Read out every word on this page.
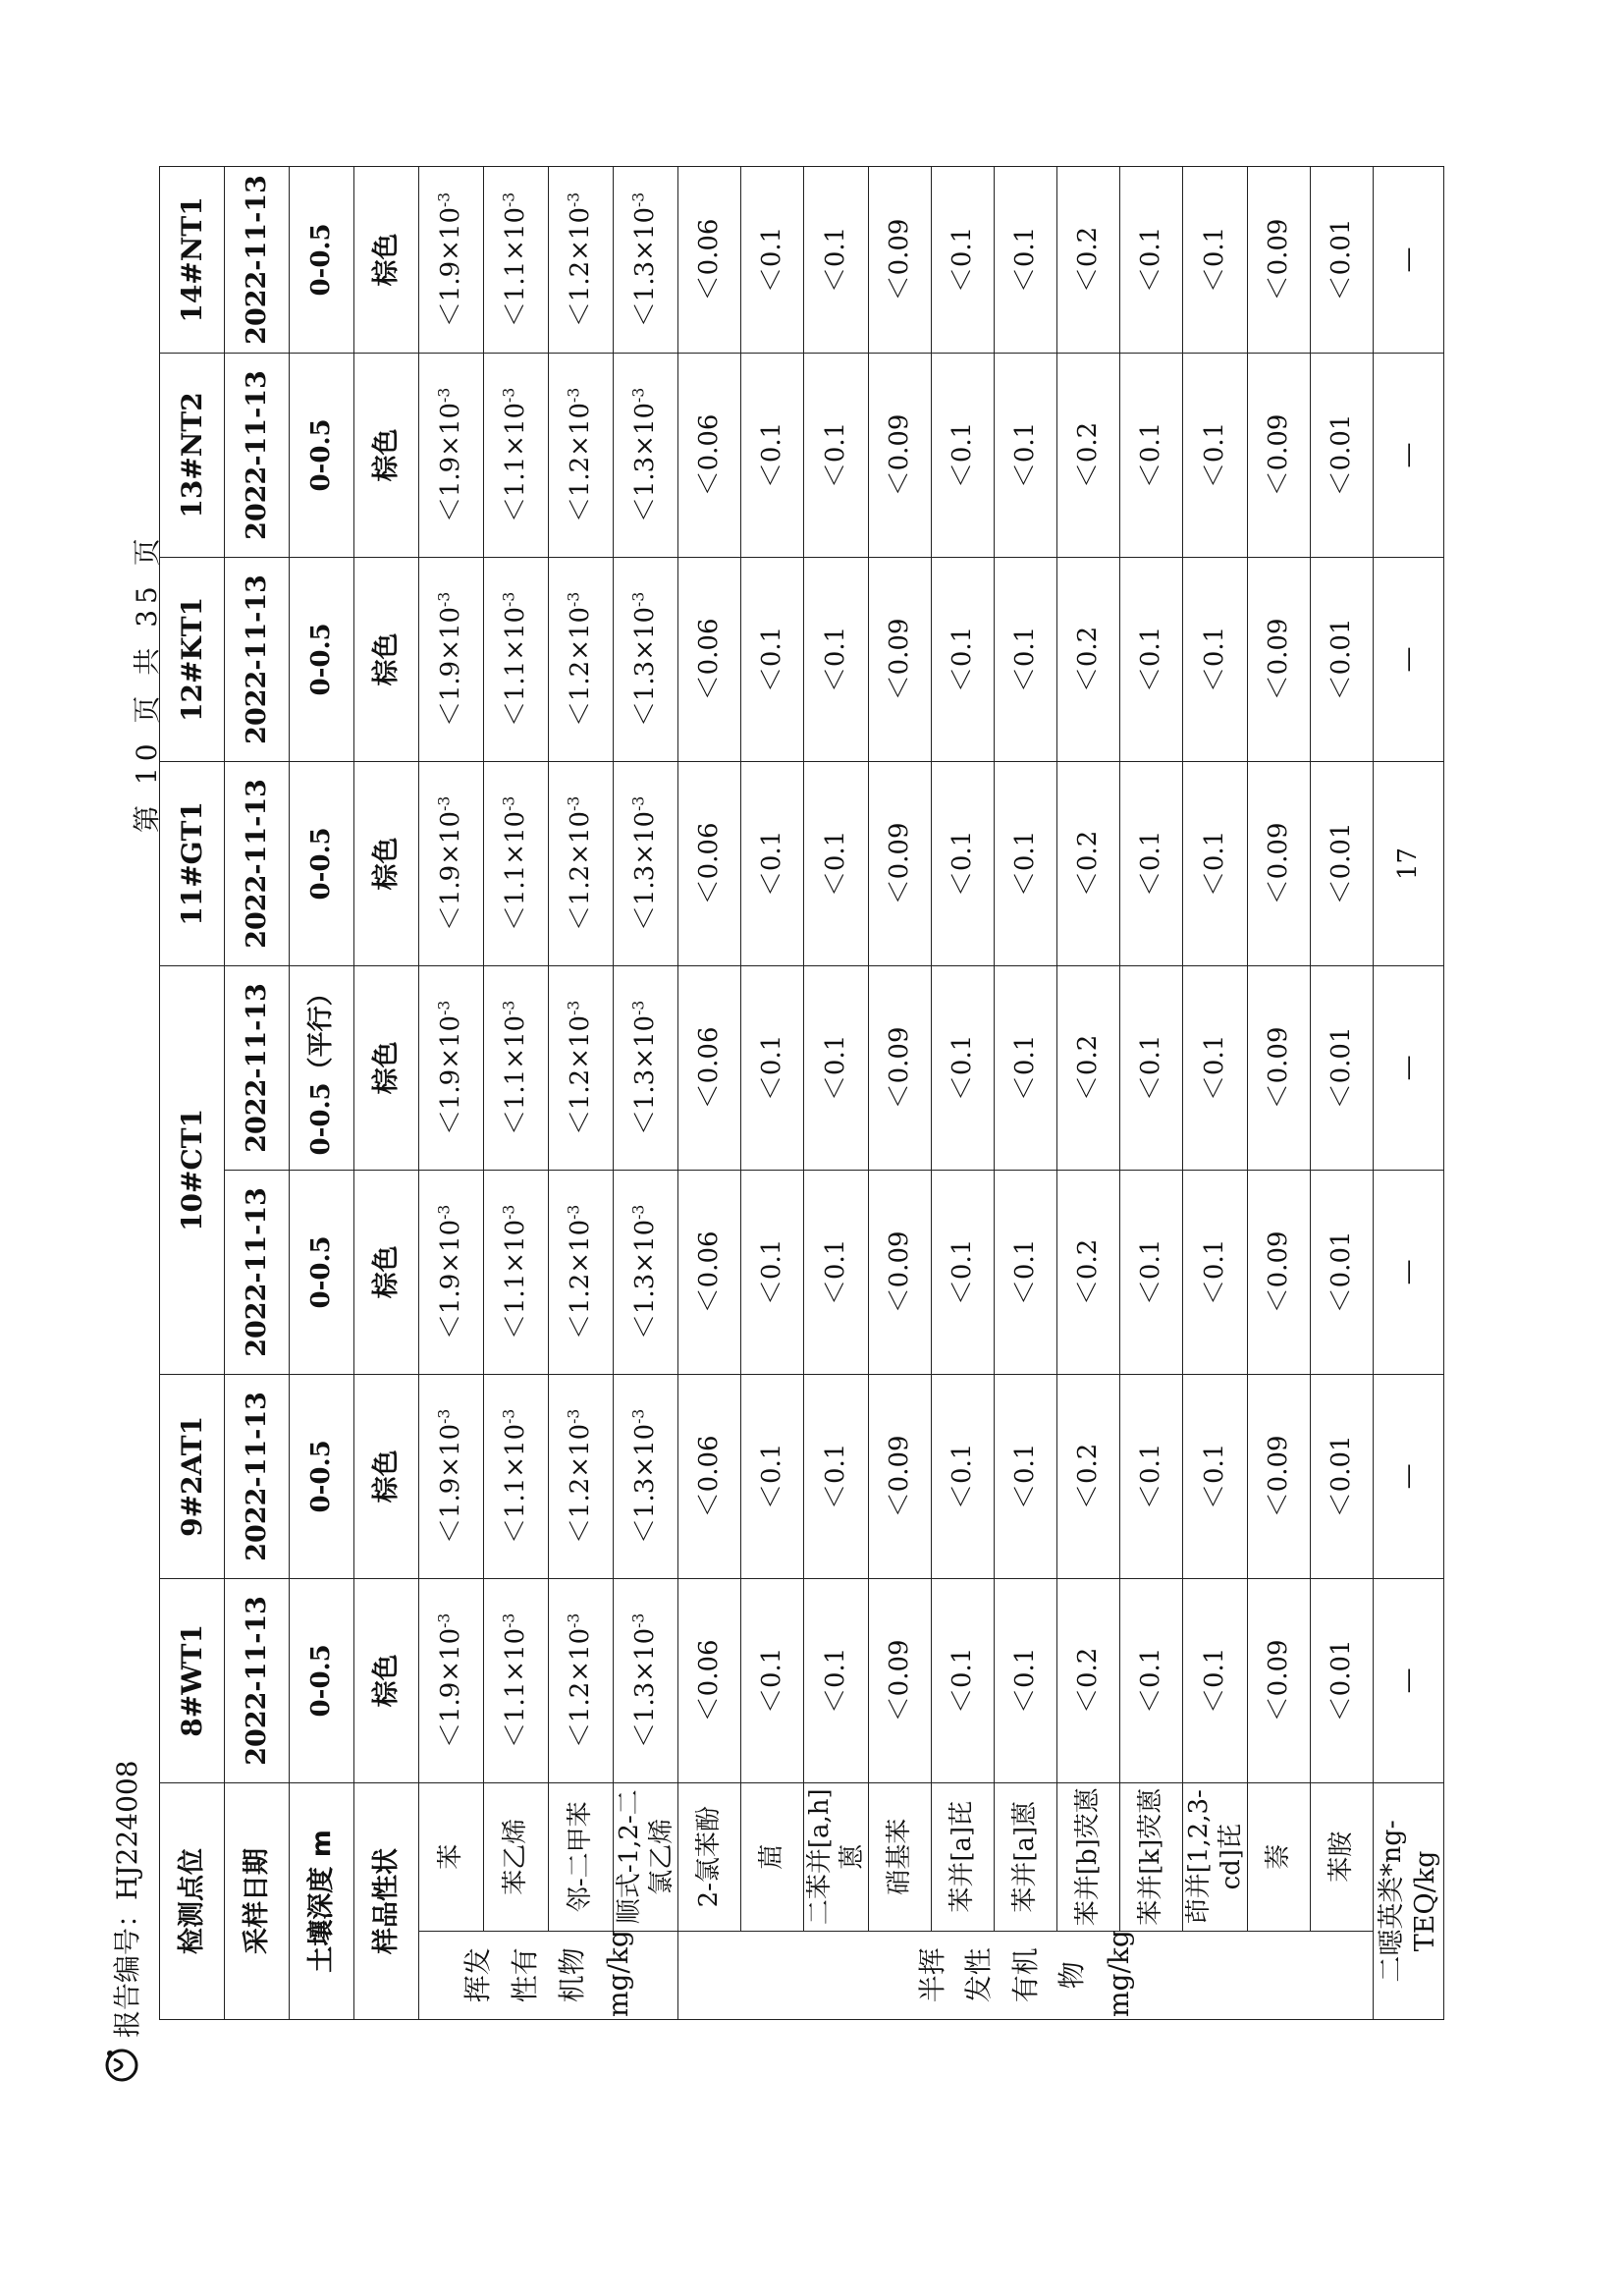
报告编号：HJ224008 检测点位		8#WT1	9#2AT1	10#CT1		11#GT1	12#KT1	13#NT2	14#NT1
采样日期		2022-11-13	2022-11-13	2022-11-13	2022-11-13	2022-11-13	2022-11-13	2022-11-13	2022-11-13
土壤深度 m		0-0.5	0-0.5	0-0.5	0-0.5（平行）	0-0.5	0-0.5	0-0.5	0-0.5
样品性状		棕色	棕色	棕色	棕色	棕色	棕色	棕色	棕色

挥发 性有 机物 mg/kg	苯	$<1.9\times 10^{-3}$	$<1.9\times 10^{-3}$	$<1.9\times 10^{-3}$	$<1.9\times 10^{-3}$	$<1.9\times 10^{-3}$	$<1.9\times 10^{-3}$	$<1.9\times 10^{-3}$	$<1.9\times 10^{-3}$
	苯乙烯	$<1.1\times 10^{-3}$	$<1.1\times 10^{-3}$	$<1.1\times 10^{-3}$	$<1.1\times 10^{-3}$	$<1.1\times 10^{-3}$	$<1.1\times 10^{-3}$	$<1.1\times 10^{-3}$	$<1.1\times 10^{-3}$
	邻-二甲苯	$<1.2\times 10^{-3}$	$<1.2\times 10^{-3}$	$<1.2\times 10^{-3}$	$<1.2\times 10^{-3}$	$<1.2\times 10^{-3}$	$<1.2\times 10^{-3}$	$<1.2\times 10^{-3}$	$<1.2\times 10^{-3}$
	顺式-1,2-二氯乙烯	$<1.3\times 10^{-3}$	$<1.3\times 10^{-3}$	$<1.3\times 10^{-3}$	$<1.3\times 10^{-3}$	$<1.3\times 10^{-3}$	$<1.3\times 10^{-3}$	$<1.3\times 10^{-3}$	$<1.3\times 10^{-3}$

半挥 发性 有机 物 mg/kg	2-氯苯酚	＜0.06	＜0.06	＜0.06	＜0.06	＜0.06	＜0.06	＜0.06	＜0.06
	䓛	＜0.1	＜0.1	＜0.1	＜0.1	＜0.1	＜0.1	＜0.1	＜0.1
	二苯并[a,h]蒽	＜0.1	＜0.1	＜0.1	＜0.1	＜0.1	＜0.1	＜0.1	＜0.1
	硝基苯	＜0.09	＜0.09	＜0.09	＜0.09	＜0.09	＜0.09	＜0.09	＜0.09
	苯并[a]芘	＜0.1	＜0.1	＜0.1	＜0.1	＜0.1	＜0.1	＜0.1	＜0.1
	苯并[a]蒽	＜0.1	＜0.1	＜0.1	＜0.1	＜0.1	＜0.1	＜0.1	＜0.1
	苯并[b]荧蒽	＜0.2	＜0.2	＜0.2	＜0.2	＜0.2	＜0.2	＜0.2	＜0.2
	苯并[k]荧蒽	＜0.1	＜0.1	＜0.1	＜0.1	＜0.1	＜0.1	＜0.1	＜0.1
	茚并[1,2,3-cd]芘	＜0.1	＜0.1	＜0.1	＜0.1	＜0.1	＜0.1	＜0.1	＜0.1
	萘	＜0.09	＜0.09	＜0.09	＜0.09	＜0.09	＜0.09	＜0.09	＜0.09
	苯胺	＜0.01	＜0.01	＜0.01	＜0.01	＜0.01	＜0.01	＜0.01	＜0.01
二噁英类*ng-TEQ/kg		—	—	—	—	17	—	—	—
第 10 页 共 35 页
